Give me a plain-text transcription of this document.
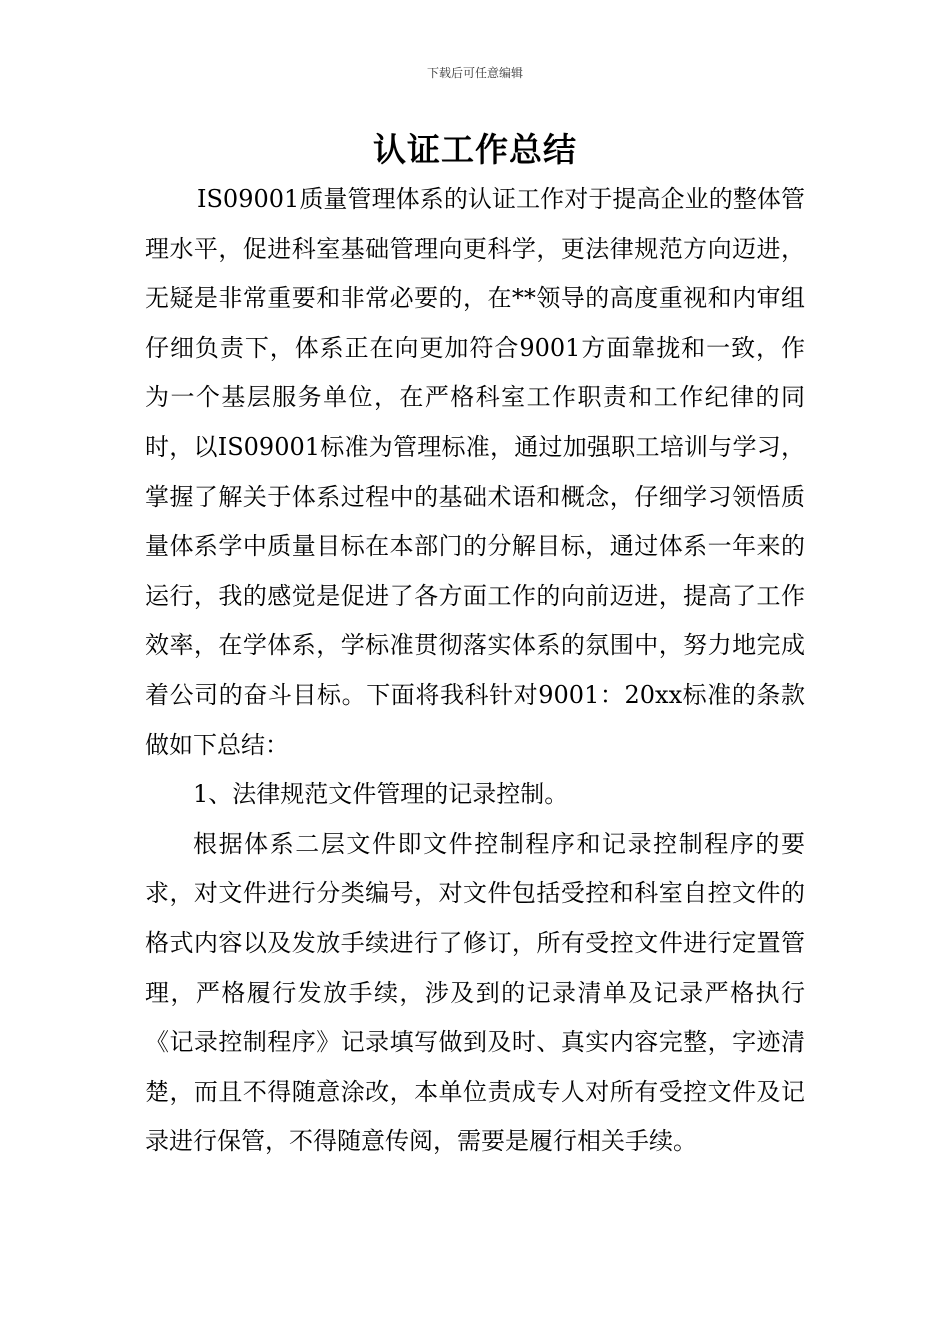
下载后可任意编辑
认证工作总结

IS09001质量管理体系的认证工作对于提高企业的整体管理水平，促进科室基础管理向更科学，更法律规范方向迈进，无疑是非常重要和非常必要的，在**领导的高度重视和内审组仔细负责下，体系正在向更加符合9001方面靠拢和一致，作为一个基层服务单位，在严格科室工作职责和工作纪律的同时，以IS09001标准为管理标准，通过加强职工培训与学习，掌握了解关于体系过程中的基础术语和概念，仔细学习领悟质量体系学中质量目标在本部门的分解目标，通过体系一年来的运行，我的感觉是促进了各方面工作的向前迈进，提高了工作效率，在学体系，学标准贯彻落实体系的氛围中，努力地完成着公司的奋斗目标。下面将我科针对9001：20xx标准的条款做如下总结：

1、法律规范文件管理的记录控制。

根据体系二层文件即文件控制程序和记录控制程序的要求，对文件进行分类编号，对文件包括受控和科室自控文件的格式内容以及发放手续进行了修订，所有受控文件进行定置管理，严格履行发放手续，涉及到的记录清单及记录严格执行《记录控制程序》记录填写做到及时、真实内容完整，字迹清楚，而且不得随意涂改，本单位责成专人对所有受控文件及记录进行保管，不得随意传阅，需要是履行相关手续。
